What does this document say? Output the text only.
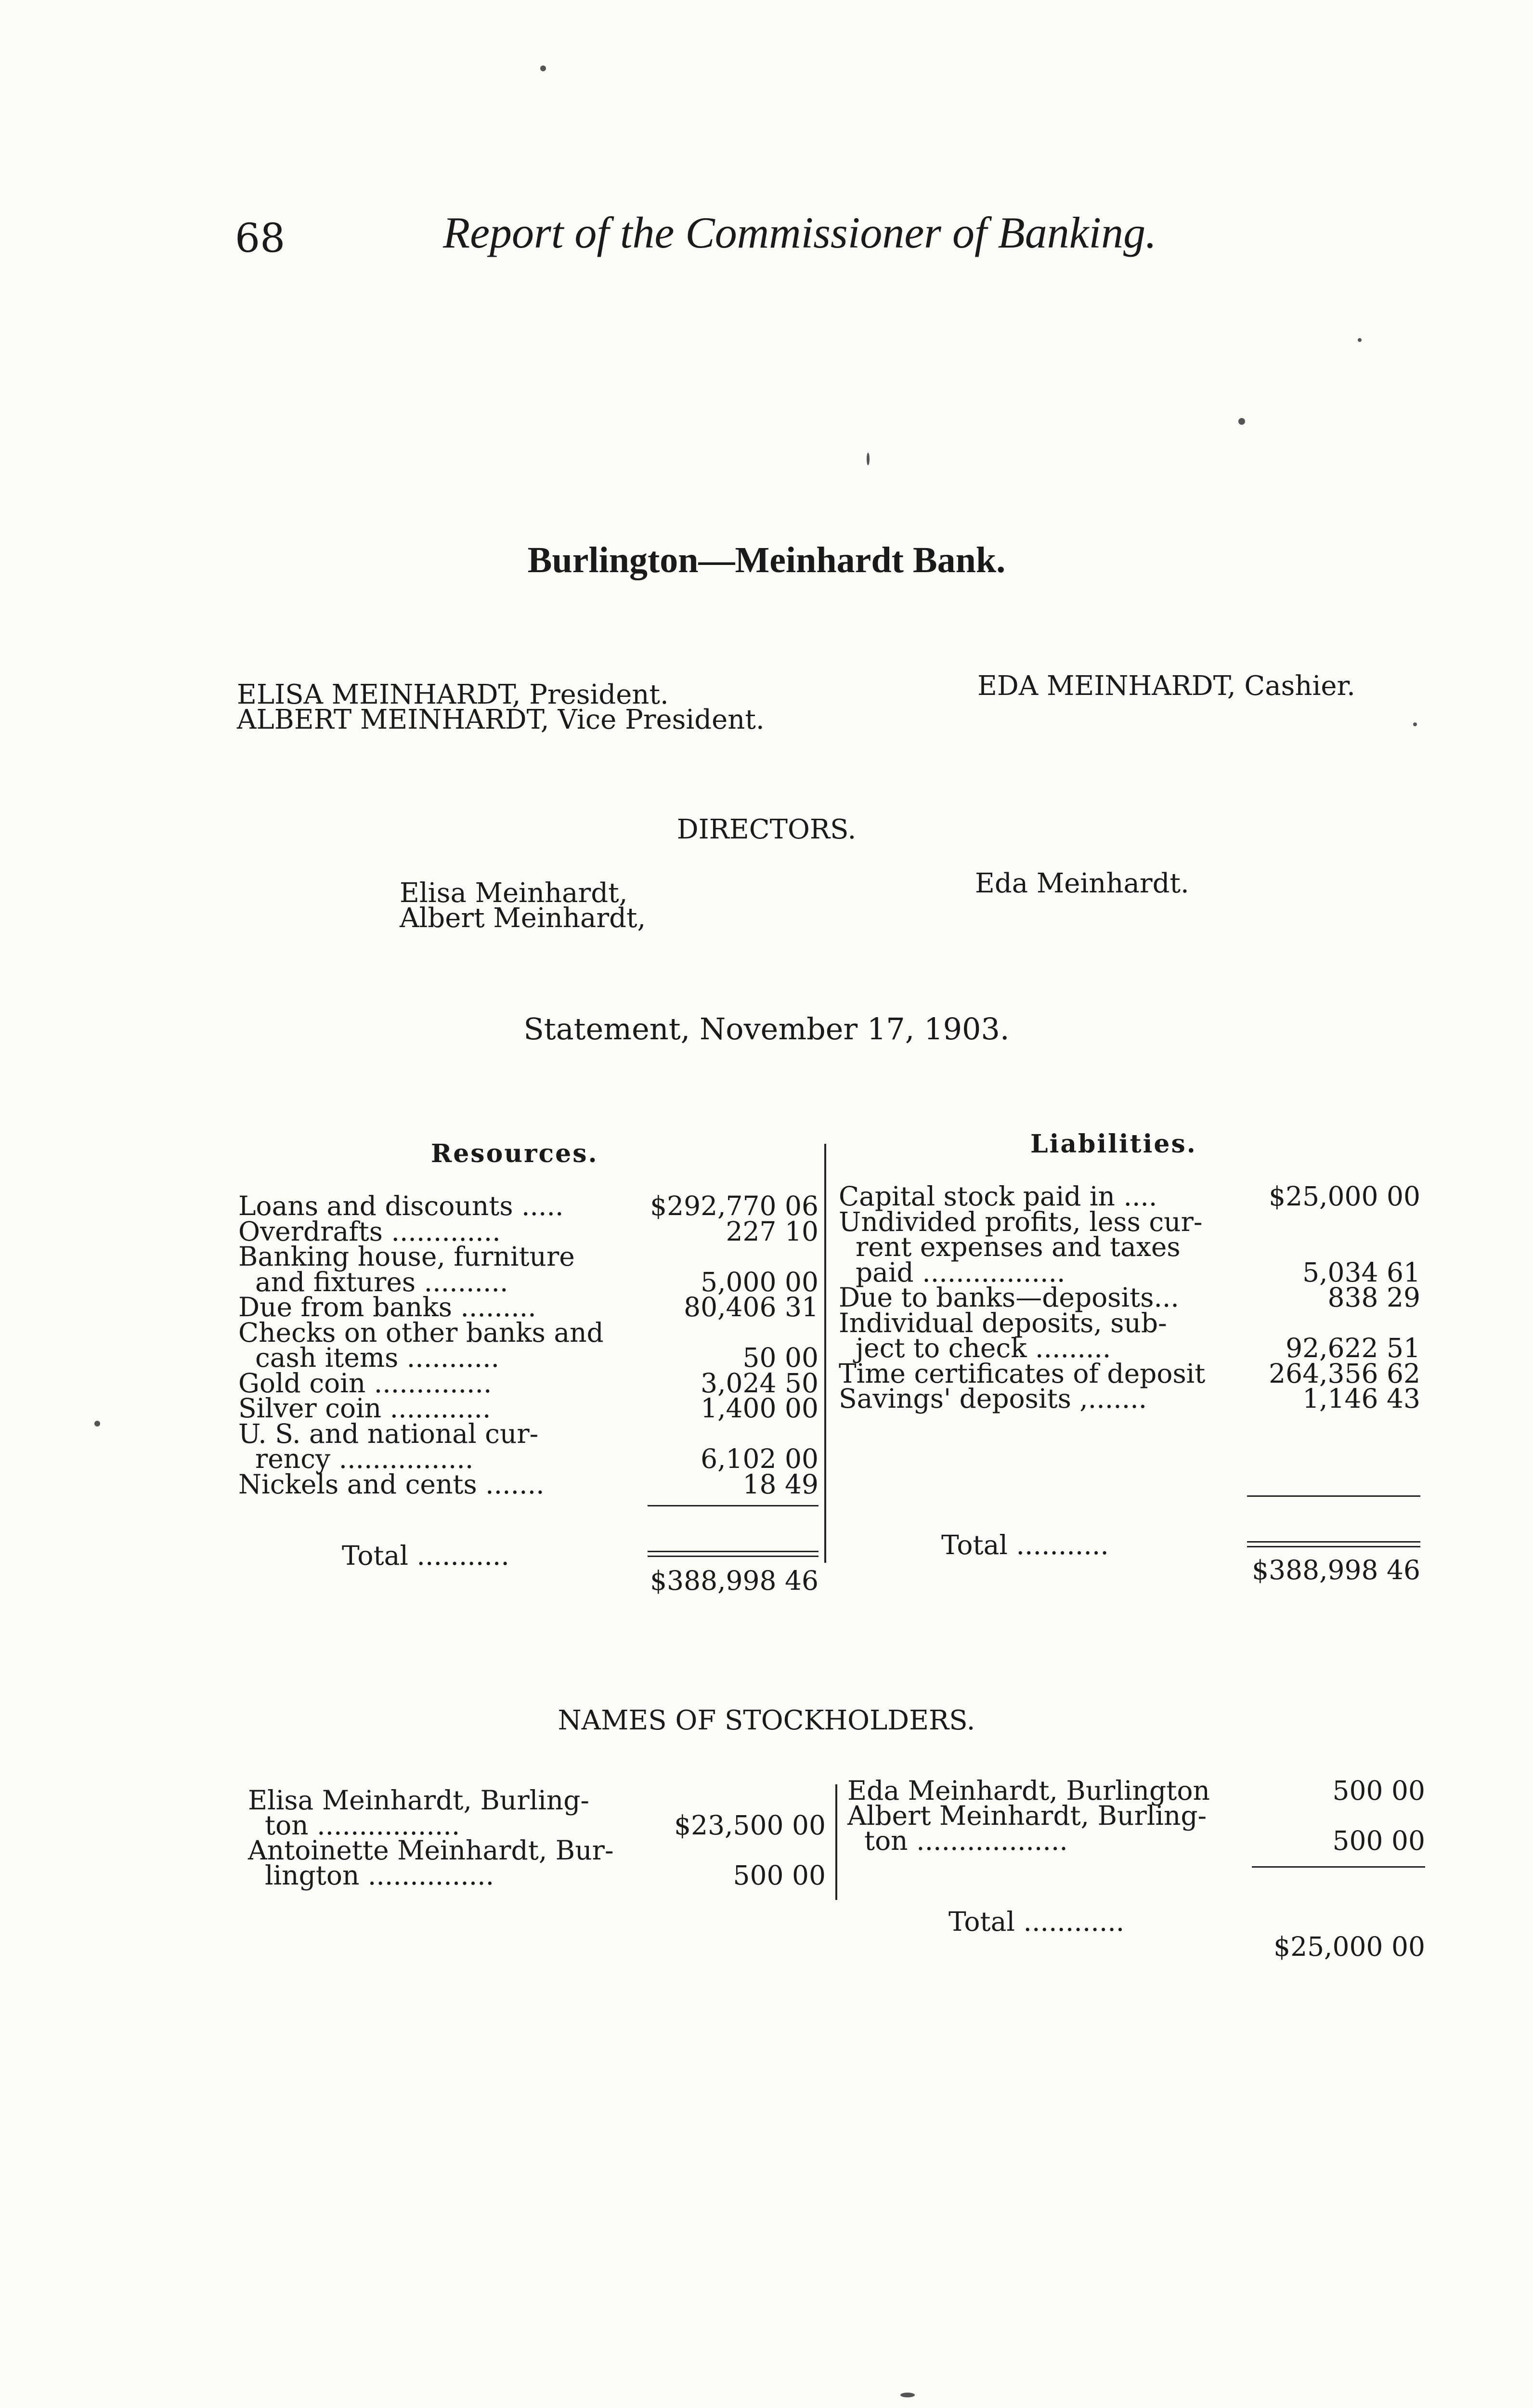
68	Report of the Commissioner of Banking.
Burlington—Meinhardt Bank.
ELISA MEINHARDT, President.
ALBERT MEINHARDT, Vice President.
EDA MEINHARDT, Cashier.
DIRECTORS.
Elisa Meinhardt,
Albert Meinhardt,
Eda Meinhardt.
Statement, November 17, 1903.
Resources.
Loans and discounts .....	$292,770 06
Overdrafts .............	227 10
Banking house, furniture
and fixtures ..........	5,000 00
Due from banks .........	80,406 31
Checks on other banks and
cash items ...........	50 00
Gold coin ..............	3,024 50
Silver coin ............	1,400 00
U. S. and national cur-
rency ................	6,102 00
Nickels and cents .......	18 49

Total ...........

$388,998 46

Liabilities.
Capital stock paid in ....	$25,000 00
Undivided profits, less cur-
rent expenses and taxes
paid .................	5,034 61
Due to banks—deposits...	838 29
Individual deposits, sub-
ject to check .........	92,622 51
Time certificates of deposit 264,356 62
Savings' deposits ,.......	1,146 43

Total ...........

$388,998 46

NAMES OF STOCKHOLDERS.
Elisa Meinhardt, Burling-
ton .................	$23,500 00
Antoinette Meinhardt, Bur-
lington ...............	500 00
Eda Meinhardt, Burlington	500 00
Albert Meinhardt, Burling-
ton ..................	500 00

Total ............

$25,000 00
